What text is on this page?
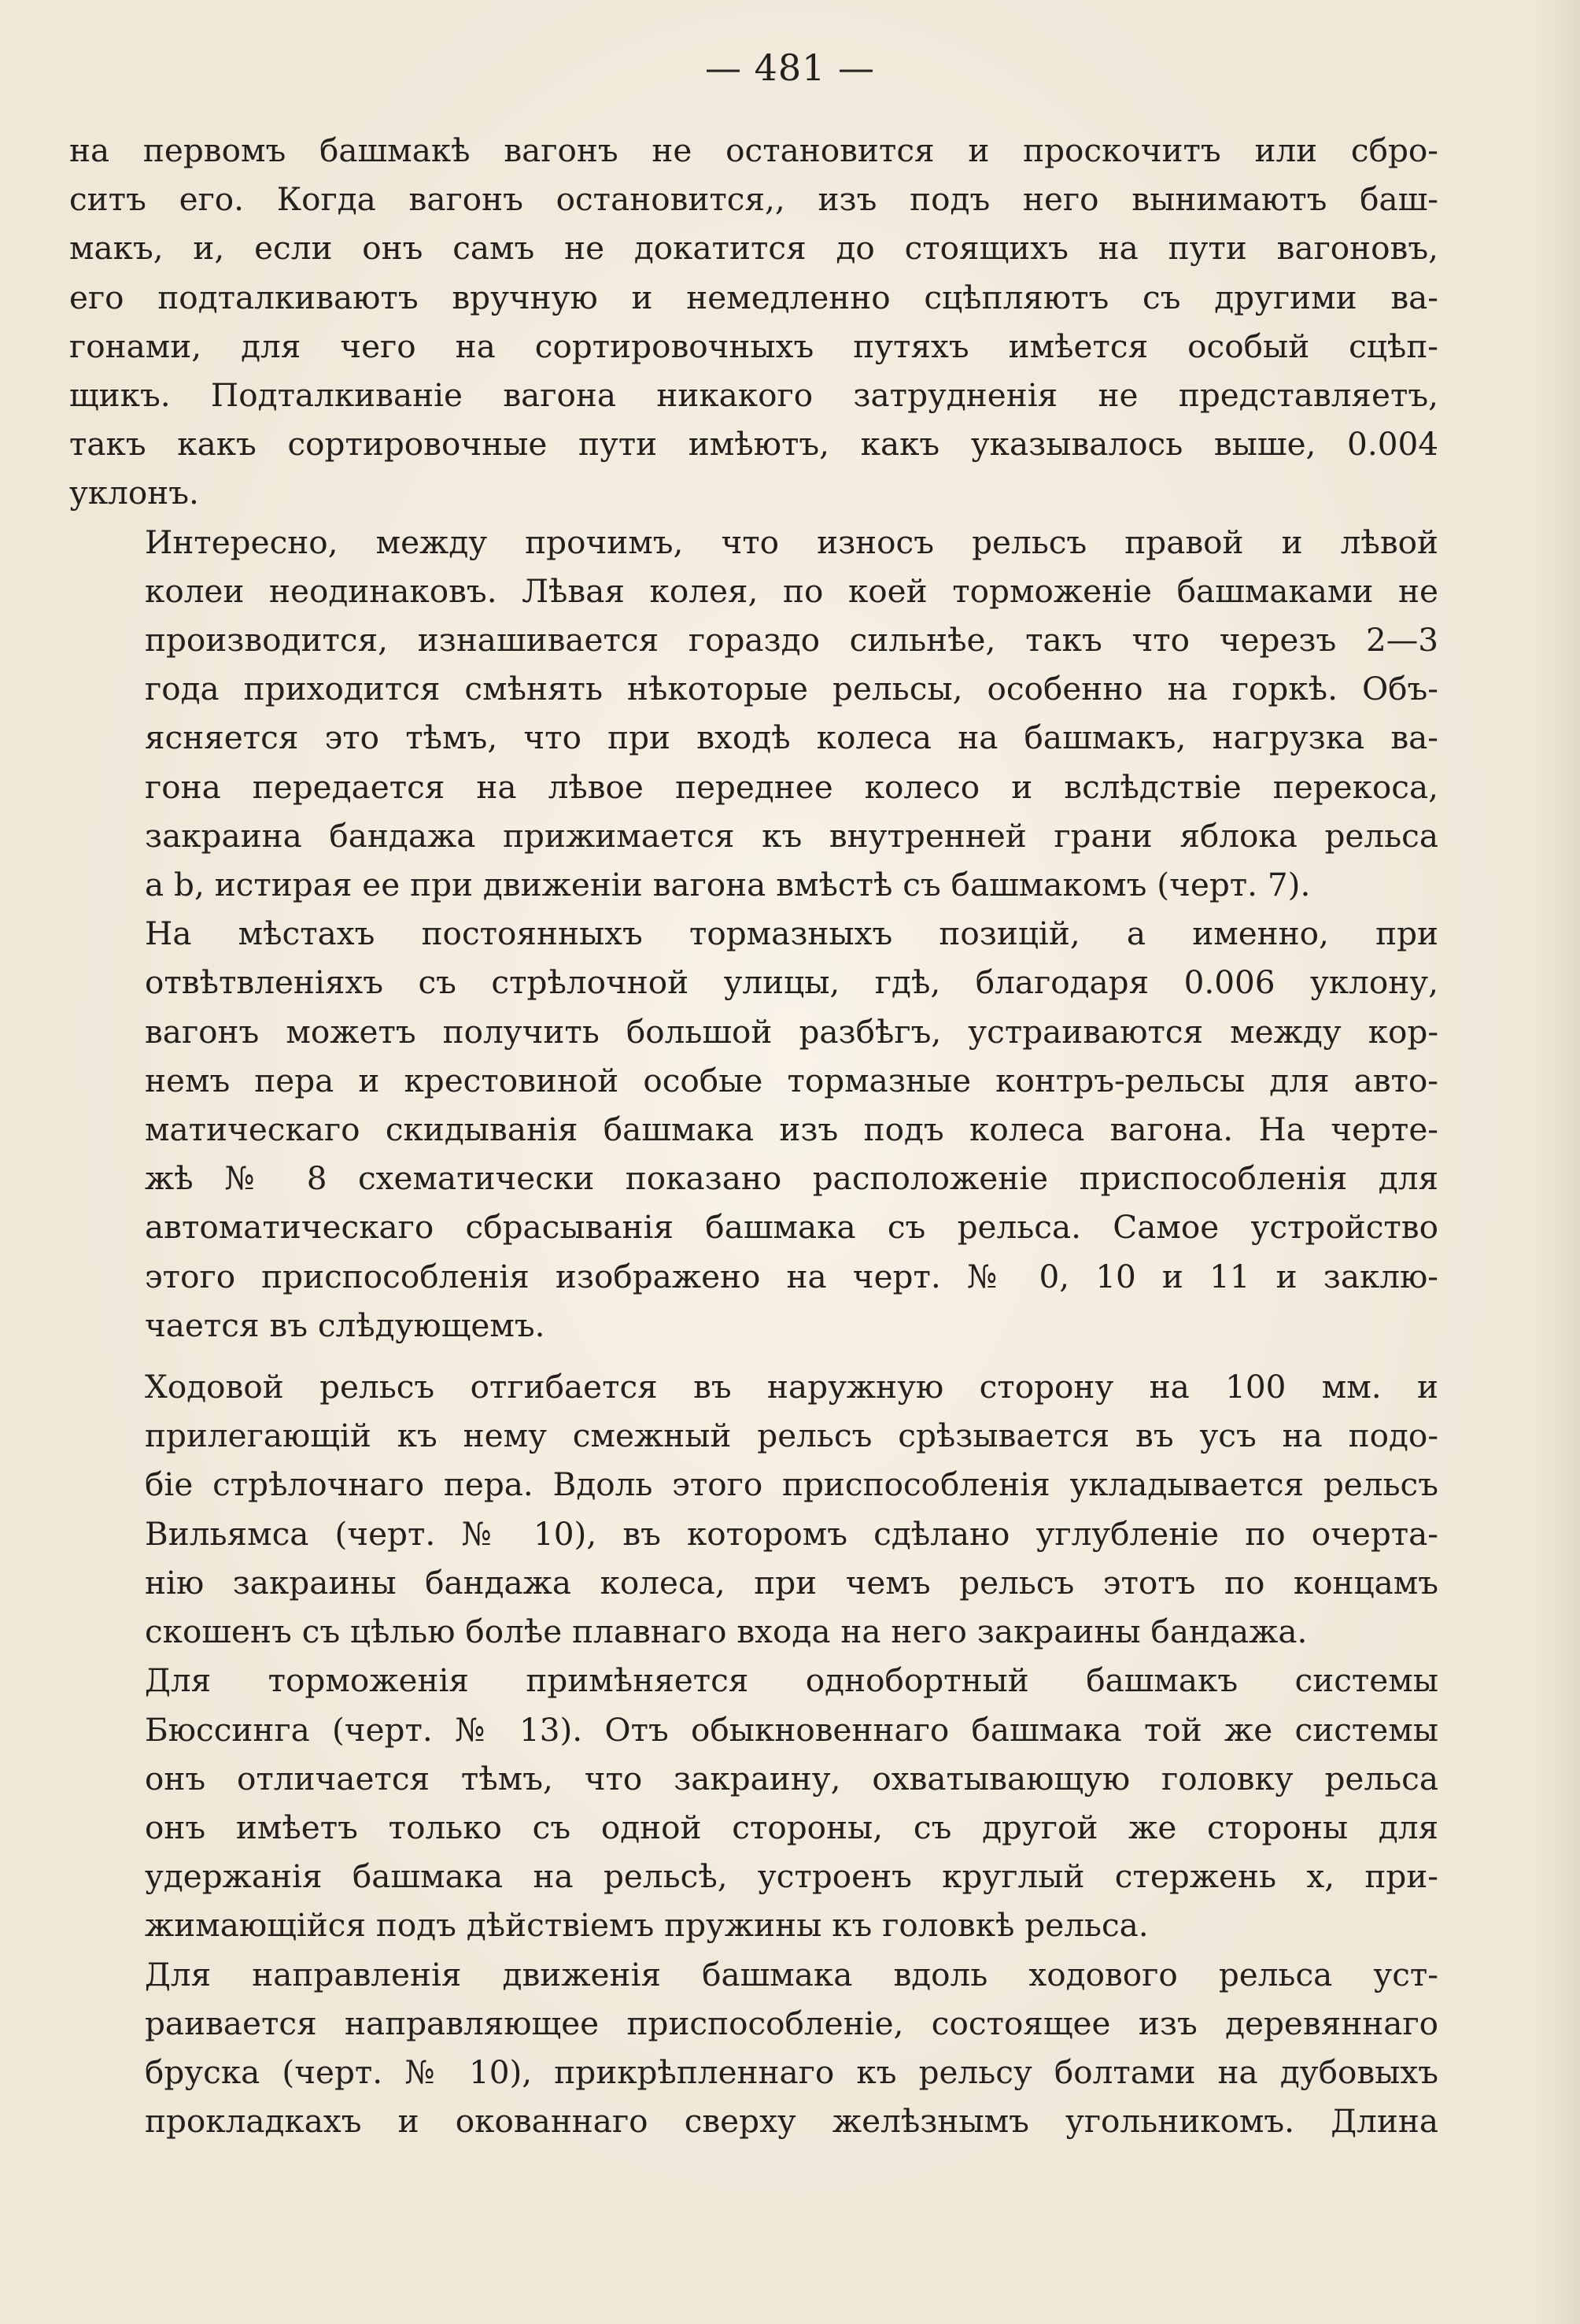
— 481 —

на первомъ башмакѣ вагонъ не остановится и проскочитъ или сбро-
ситъ его. Когда вагонъ остановится,, изъ подъ него вынимаютъ баш-
макъ, и, если онъ самъ не докатится до стоящихъ на пути вагоновъ,
его подталкиваютъ вручную и немедленно сцѣпляютъ съ другими ва-
гонами, для чего на сортировочныхъ путяхъ имѣется особый сцѣп-
щикъ. Подталкиванiе вагона никакого затрудненiя не представляетъ,
такъ какъ сортировочные пути имѣютъ, какъ указывалось выше, 0.004
уклонъ.

Интересно, между прочимъ, что износъ рельсъ правой и лѣвой
колеи неодинаковъ. Лѣвая колея, по коей торможенiе башмаками не
производится, изнашивается гораздо сильнѣе, такъ что черезъ 2—3
года приходится смѣнять нѣкоторые рельсы, особенно на горкѣ. Объ-
ясняется это тѣмъ, что при входѣ колеса на башмакъ, нагрузка ва-
гона передается на лѣвое переднее колесо и вслѣдствiе перекоса,
закраина бандажа прижимается къ внутренней грани яблока рельса
a b, истирая ее при движенiи вагона вмѣстѣ съ башмакомъ (черт. 7).

На мѣстахъ постоянныхъ тормазныхъ позицiй, а именно, при
отвѣтвленiяхъ съ стрѣлочной улицы, гдѣ, благодаря 0.006 уклону,
вагонъ можетъ получить большой разбѣгъ, устраиваются между кор-
немъ пера и крестовиной особые тормазные контръ-рельсы для авто-
матическаго скидыванiя башмака изъ подъ колеса вагона. На черте-
жѣ № 8 схематически показано расположенiе приспособленiя для
автоматическаго сбрасыванiя башмака съ рельса. Самое устройство
этого приспособленiя изображено на черт. № 0, 10 и 11 и заклю-
чается въ слѣдующемъ.

Ходовой рельсъ отгибается въ наружную сторону на 100 мм. и
прилегающiй къ нему смежный рельсъ срѣзывается въ усъ на подо-
бiе стрѣлочнаго пера. Вдоль этого приспособленiя укладывается рельсъ
Вильямса (черт. № 10), въ которомъ сдѣлано углубленiе по очерта-
нiю закраины бандажа колеса, при чемъ рельсъ этотъ по концамъ
скошенъ съ цѣлью болѣе плавнаго входа на него закраины бандажа.

Для торможенiя примѣняется однобортный башмакъ системы
Бюссинга (черт. № 13). Отъ обыкновеннаго башмака той же системы
онъ отличается тѣмъ, что закраину, охватывающую головку рельса
онъ имѣетъ только съ одной стороны, съ другой же стороны для
удержанiя башмака на рельсѣ, устроенъ круглый стержень x, при-
жимающiйся подъ дѣйствiемъ пружины къ головкѣ рельса.

Для направленiя движенiя башмака вдоль ходового рельса уст-
раивается направляющее приспособленiе, состоящее изъ деревяннаго
бруска (черт. № 10), прикрѣпленнаго къ рельсу болтами на дубовыхъ
прокладкахъ и окованнаго сверху желѣзнымъ угольникомъ. Длина
